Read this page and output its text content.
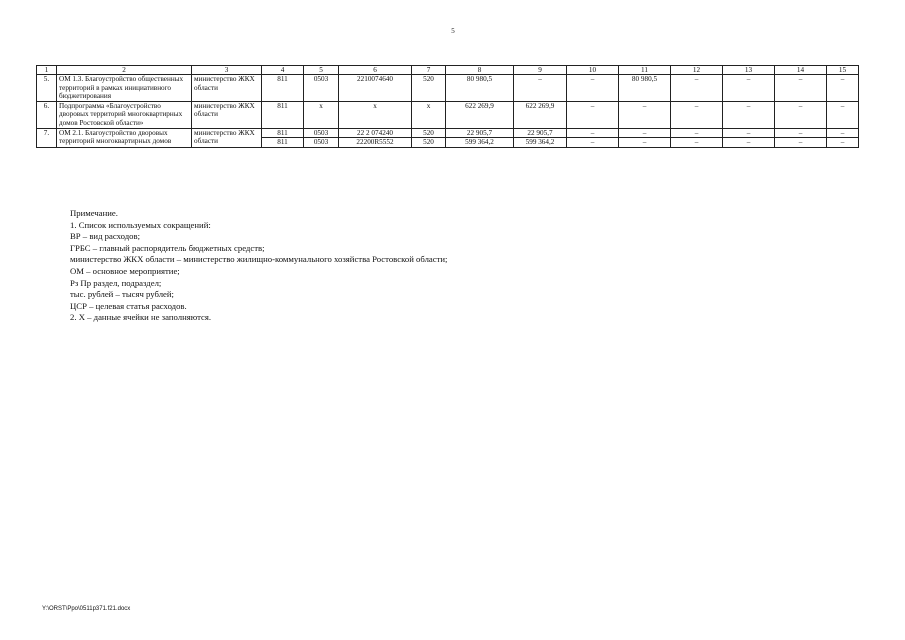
5
1	2	3	4	5	6	7	8	9	10	11	12	13	14	15
5.	ОМ 1.3. Благоустройство общественных территорий в рамках инициативного бюджетирования	министерство ЖКХ области	811	0503	2210074640	520	80 980,5	–	–	80 980,5	–	–	–	–
6.	Подпрограмма «Благоустройство дворовых территорий многоквартирных домов Ростовской области»	министерство ЖКХ области	811	x	x	x	622 269,9	622 269,9	–	–	–	–	–	–
7.	ОМ 2.1. Благоустройство дворовых территорий многоквартирных домов	министерство ЖКХ области	811	0503	22 2 074240	520	22 905,7	22 905,7	–	–	–	–	–	–
			811	0503	22200R5552	520	599 364,2	599 364,2	–	–	–	–	–	–
Примечание.
1. Список используемых сокращений:
ВР – вид расходов;
ГРБС – главный распорядитель бюджетных средств;
министерство ЖКХ области – министерство жилищно-коммунального хозяйства Ростовской области;
ОМ – основное мероприятие;
Рз Пр раздел, подраздел;
тыс. рублей – тысяч рублей;
ЦСР – целевая статья расходов.
2. Х – данные ячейки не заполняются.
Y:\ORST\Ppo\0511p371.f21.docx
